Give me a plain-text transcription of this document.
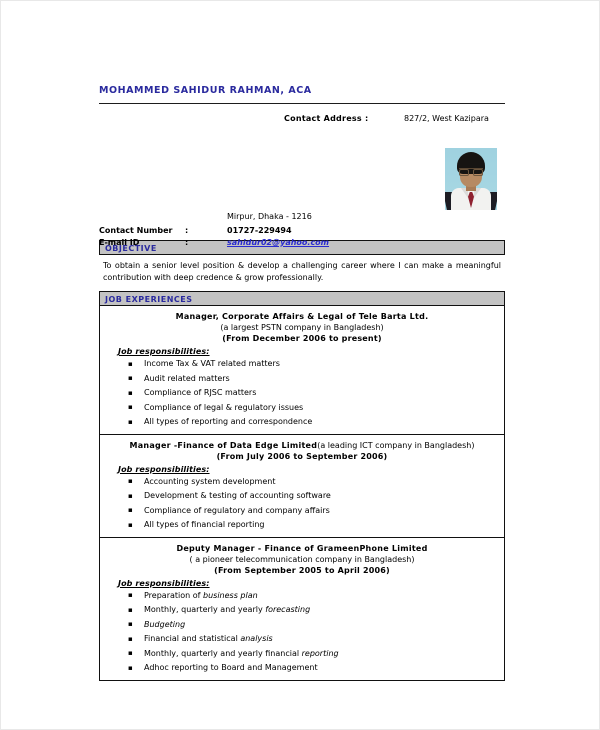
MOHAMMED SAHIDUR RAHMAN, ACA
Contact Address :	827/2, West Kazipara
Mirpur, Dhaka - 1216
Contact Number :	01727-229494
E-mail ID	:	sahidur02@yahoo.com
OBJECTIVE
To obtain a senior level position & develop a challenging career where I can make a meaningful contribution with deep credence & grow professionally.
JOB EXPERIENCES
Manager, Corporate Affairs & Legal of Tele Barta Ltd.
(a largest PSTN company in Bangladesh)
(From December 2006 to present)
Job responsibilities:
▪ Income Tax & VAT related matters
▪ Audit related matters
▪ Compliance of RJSC matters
▪ Compliance of legal & regulatory issues
▪ All types of reporting and correspondence
Manager -Finance of Data Edge Limited(a leading ICT company in Bangladesh)
(From July 2006 to September 2006)
Job responsibilities:
▪ Accounting system development
▪ Development & testing of accounting software
▪ Compliance of regulatory and company affairs
▪ All types of financial reporting
Deputy Manager - Finance of GrameenPhone Limited
( a pioneer telecommunication company in Bangladesh)
(From September 2005 to April 2006)
Job responsibilities:
▪ Preparation of business plan
▪ Monthly, quarterly and yearly forecasting
▪ Budgeting
▪ Financial and statistical analysis
▪ Monthly, quarterly and yearly financial reporting
▪ Adhoc reporting to Board and Management
